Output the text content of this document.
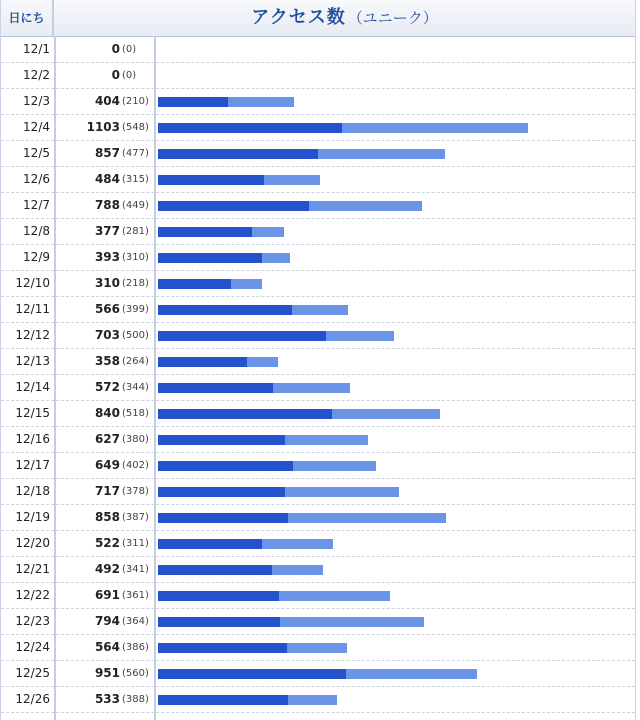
日にち	アクセス数 （ユニーク）
12/1	0 (0)
12/2	0 (0)
12/3	404 (210)
12/4	1103 (548)
12/5	857 (477)
12/6	484 (315)
12/7	788 (449)
12/8	377 (281)
12/9	393 (310)
12/10	310 (218)
12/11	566 (399)
12/12	703 (500)
12/13	358 (264)
12/14	572 (344)
12/15	840 (518)
12/16	627 (380)
12/17	649 (402)
12/18	717 (378)
12/19	858 (387)
12/20	522 (311)
12/21	492 (341)
12/22	691 (361)
12/23	794 (364)
12/24	564 (386)
12/25	951 (560)
12/26	533 (388)
